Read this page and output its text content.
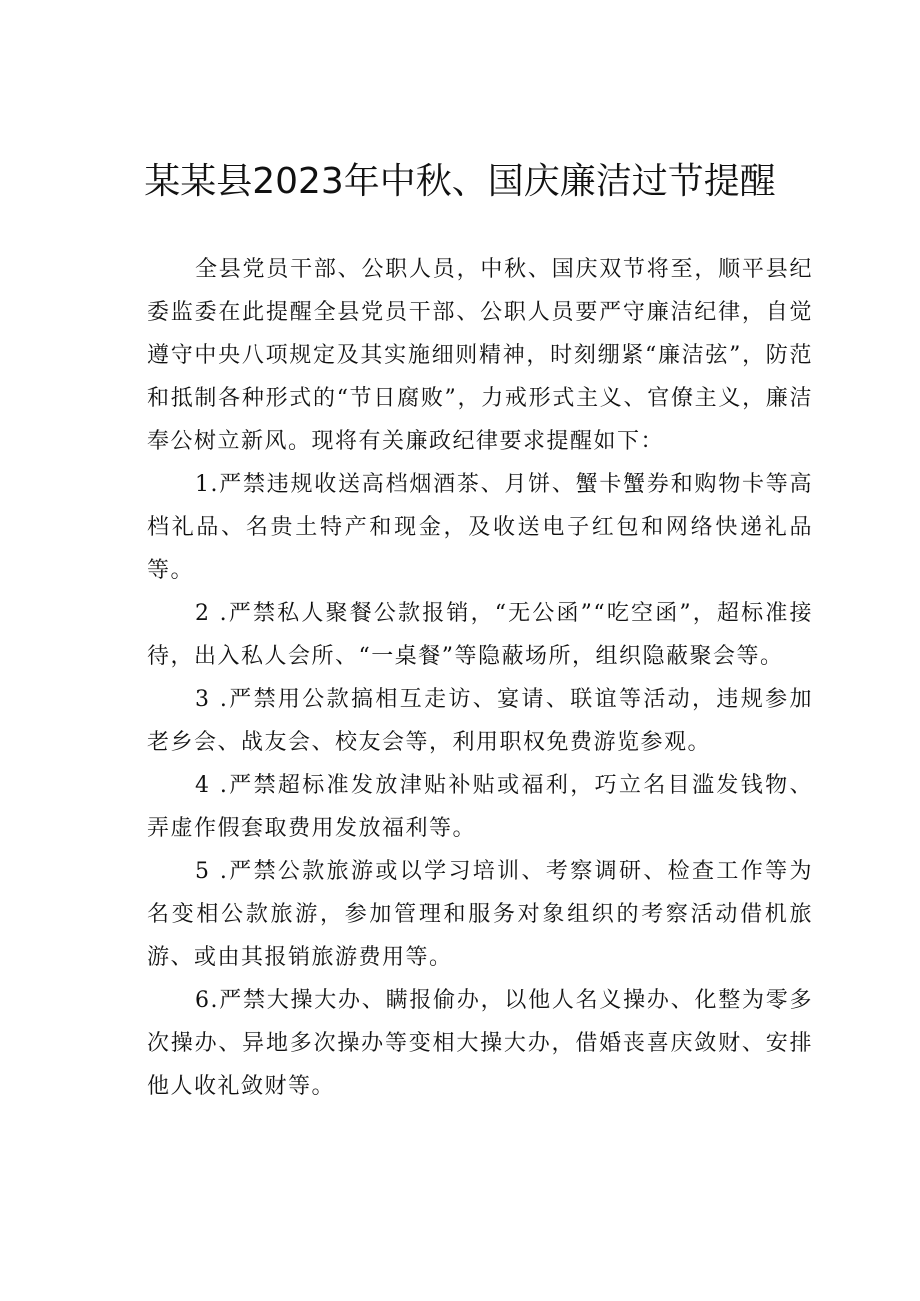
某某县2023年中秋、国庆廉洁过节提醒

全县党员干部、公职人员，中秋、国庆双节将至，顺平县纪委监委在此提醒全县党员干部、公职人员要严守廉洁纪律，自觉遵守中央八项规定及其实施细则精神，时刻绷紧“廉洁弦”，防范和抵制各种形式的“节日腐败”，力戒形式主义、官僚主义，廉洁奉公树立新风。现将有关廉政纪律要求提醒如下：

1.严禁违规收送高档烟酒茶、月饼、蟹卡蟹券和购物卡等高档礼品、名贵土特产和现金，及收送电子红包和网络快递礼品等。

2 .严禁私人聚餐公款报销，“无公函”“吃空函”，超标准接待，出入私人会所、“一桌餐”等隐蔽场所，组织隐蔽聚会等。

3 .严禁用公款搞相互走访、宴请、联谊等活动，违规参加老乡会、战友会、校友会等，利用职权免费游览参观。

4 .严禁超标准发放津贴补贴或福利，巧立名目滥发钱物、弄虚作假套取费用发放福利等。

5 .严禁公款旅游或以学习培训、考察调研、检查工作等为名变相公款旅游，参加管理和服务对象组织的考察活动借机旅游、或由其报销旅游费用等。

6.严禁大操大办、瞒报偷办，以他人名义操办、化整为零多次操办、异地多次操办等变相大操大办，借婚丧喜庆敛财、安排他人收礼敛财等。
